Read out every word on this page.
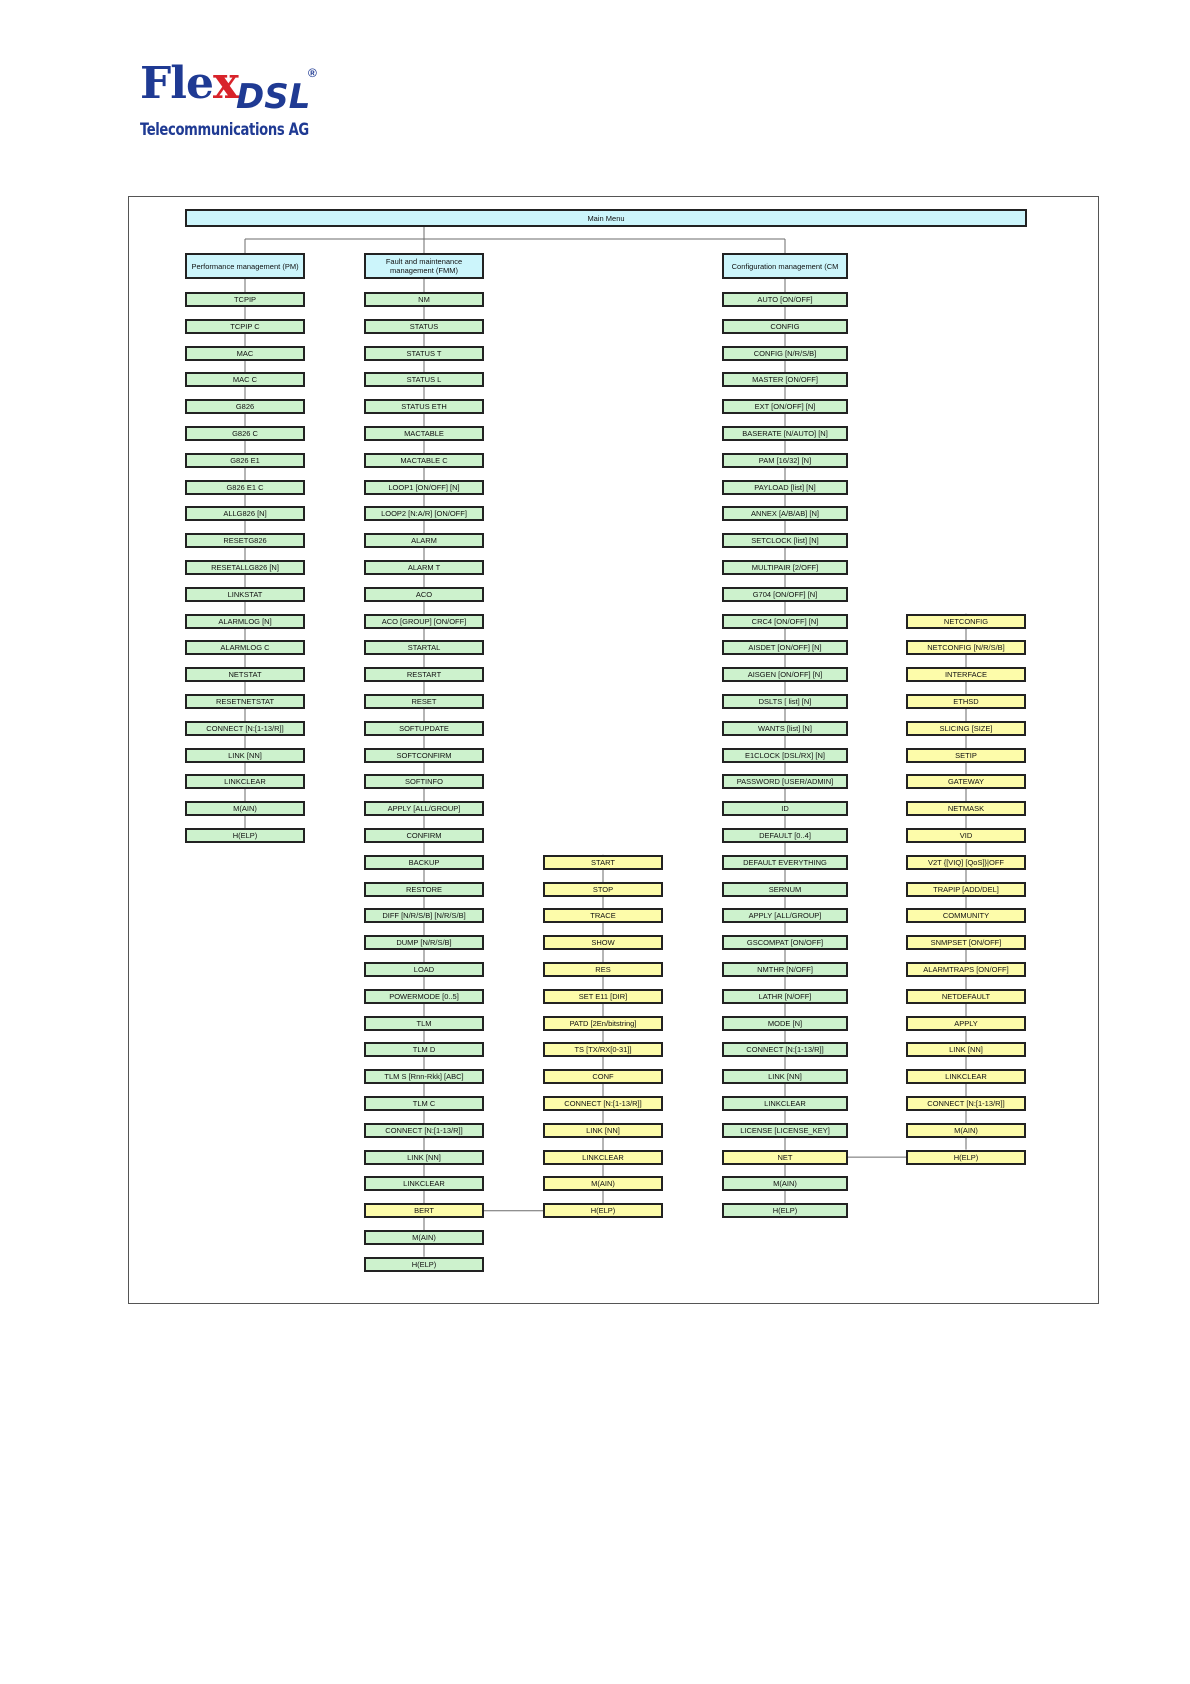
Flex
DSL
®
Telecommunications AG
Main Menu
Performance management (PM)
TCPIP
TCPIP C
MAC
MAC C
G826
G826 C
G826 E1
G826 E1 C
ALLG826 [N]
RESETG826
RESETALLG826 [N]
LINKSTAT
ALARMLOG [N]
ALARMLOG C
NETSTAT
RESETNETSTAT
CONNECT [N:[1-13/R]]
LINK [NN]
LINKCLEAR
M(AIN)
H(ELP)
Fault and maintenance management (FMM)
NM
STATUS
STATUS T
STATUS L
STATUS ETH
MACTABLE
MACTABLE C
LOOP1 [ON/OFF] [N]
LOOP2 [N:A/R] [ON/OFF]
ALARM
ALARM T
ACO
ACO [GROUP] [ON/OFF]
STARTAL
RESTART
RESET
SOFTUPDATE
SOFTCONFIRM
SOFTINFO
APPLY [ALL/GROUP]
CONFIRM
BACKUP
RESTORE
DIFF [N/R/S/B] [N/R/S/B]
DUMP [N/R/S/B]
LOAD
POWERMODE [0..5]
TLM
TLM D
TLM S [Rnn-Rkk] [ABC]
TLM C
CONNECT [N:[1-13/R]]
LINK [NN]
LINKCLEAR
BERT
M(AIN)
H(ELP)
START
STOP
TRACE
SHOW
RES
SET E11 [DIR]
PATD [2En/bitstring]
TS [TX/RX[0-31]]
CONF
CONNECT [N:[1-13/R]]
LINK [NN]
LINKCLEAR
M(AIN)
H(ELP)
Configuration management (CM
AUTO [ON/OFF]
CONFIG
CONFIG [N/R/S/B]
MASTER [ON/OFF]
EXT [ON/OFF] [N]
BASERATE [N/AUTO] [N]
PAM [16/32] [N]
PAYLOAD [list] [N]
ANNEX [A/B/AB] [N]
SETCLOCK [list] [N]
MULTIPAIR [2/OFF]
G704 [ON/OFF] [N]
CRC4 [ON/OFF] [N]
AISDET [ON/OFF] [N]
AISGEN [ON/OFF] [N]
DSLTS [ list] [N]
WANTS [list] [N]
E1CLOCK [DSL/RX] [N]
PASSWORD [USER/ADMIN]
ID
DEFAULT [0..4]
DEFAULT EVERYTHING
SERNUM
APPLY [ALL/GROUP]
GSCOMPAT [ON/OFF]
NMTHR [N/OFF]
LATHR [N/OFF]
MODE [N]
CONNECT [N:[1-13/R]]
LINK [NN]
LINKCLEAR
LICENSE [LICENSE_KEY]
NET
M(AIN)
H(ELP)
NETCONFIG
NETCONFIG [N/R/S/B]
INTERFACE
ETHSD
SLICING [SIZE]
SETIP
GATEWAY
NETMASK
VID
V2T {[VIQ] [QoS]}|OFF
TRAPIP [ADD/DEL]
COMMUNITY
SNMPSET [ON/OFF]
ALARMTRAPS [ON/OFF]
NETDEFAULT
APPLY
LINK [NN]
LINKCLEAR
CONNECT [N:[1-13/R]]
M(AIN)
H(ELP)
